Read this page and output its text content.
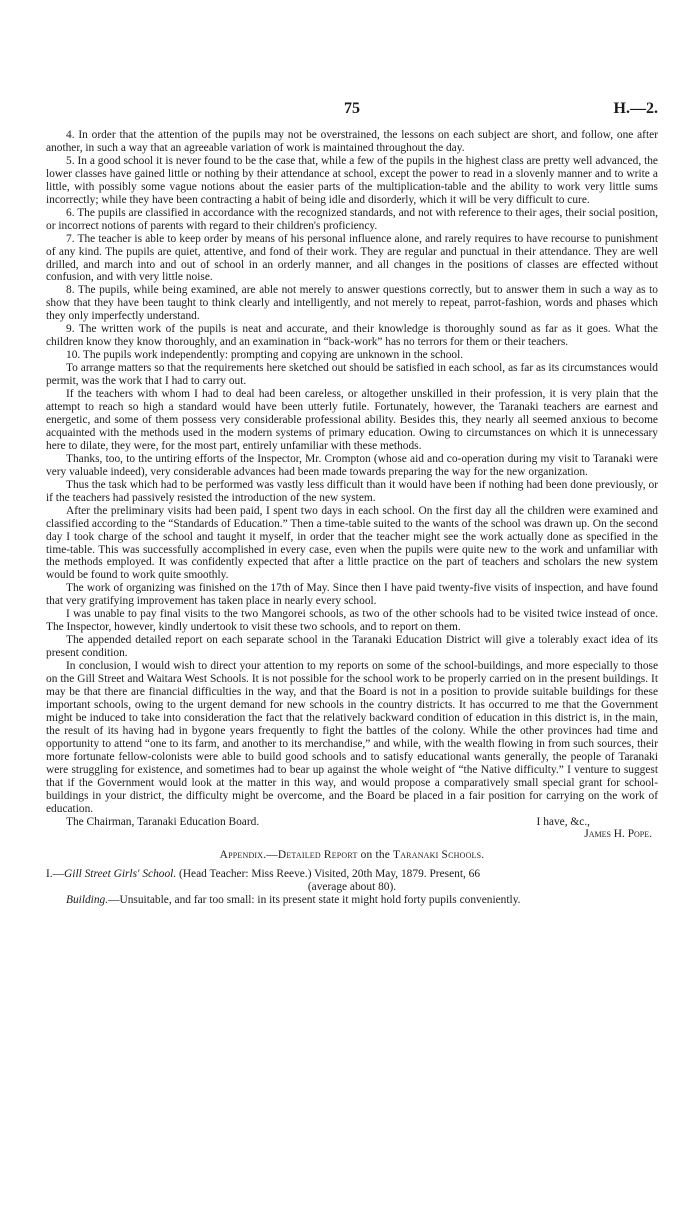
75	H.—2.

4. In order that the attention of the pupils may not be overstrained, the lessons on each subject are short, and follow, one after another, in such a way that an agreeable variation of work is maintained throughout the day.

5. In a good school it is never found to be the case that, while a few of the pupils in the highest class are pretty well advanced, the lower classes have gained little or nothing by their attendance at school, except the power to read in a slovenly manner and to write a little, with possibly some vague notions about the easier parts of the multiplication-table and the ability to work very little sums incorrectly; while they have been contracting a habit of being idle and disorderly, which it will be very difficult to cure.

6. The pupils are classified in accordance with the recognized standards, and not with reference to their ages, their social position, or incorrect notions of parents with regard to their children's proficiency.

7. The teacher is able to keep order by means of his personal influence alone, and rarely requires to have recourse to punishment of any kind. The pupils are quiet, attentive, and fond of their work. They are regular and punctual in their attendance. They are well drilled, and march into and out of school in an orderly manner, and all changes in the positions of classes are effected without confusion, and with very little noise.

8. The pupils, while being examined, are able not merely to answer questions correctly, but to answer them in such a way as to show that they have been taught to think clearly and intelligently, and not merely to repeat, parrot-fashion, words and phases which they only imperfectly understand.

9. The written work of the pupils is neat and accurate, and their knowledge is thoroughly sound as far as it goes. What the children know they know thoroughly, and an examination in “back-work” has no terrors for them or their teachers.

10. The pupils work independently: prompting and copying are unknown in the school.

To arrange matters so that the requirements here sketched out should be satisfied in each school, as far as its circumstances would permit, was the work that I had to carry out.

If the teachers with whom I had to deal had been careless, or altogether unskilled in their profession, it is very plain that the attempt to reach so high a standard would have been utterly futile. Fortunately, however, the Taranaki teachers are earnest and energetic, and some of them possess very considerable professional ability. Besides this, they nearly all seemed anxious to become acquainted with the methods used in the modern systems of primary education. Owing to circumstances on which it is unnecessary here to dilate, they were, for the most part, entirely unfamiliar with these methods.

Thanks, too, to the untiring efforts of the Inspector, Mr. Crompton (whose aid and co-operation during my visit to Taranaki were very valuable indeed), very considerable advances had been made towards preparing the way for the new organization.

Thus the task which had to be performed was vastly less difficult than it would have been if nothing had been done previously, or if the teachers had passively resisted the introduction of the new system.

After the preliminary visits had been paid, I spent two days in each school. On the first day all the children were examined and classified according to the “Standards of Education.” Then a time-table suited to the wants of the school was drawn up. On the second day I took charge of the school and taught it myself, in order that the teacher might see the work actually done as specified in the time-table. This was successfully accomplished in every case, even when the pupils were quite new to the work and unfamiliar with the methods employed. It was confidently expected that after a little practice on the part of teachers and scholars the new system would be found to work quite smoothly.

The work of organizing was finished on the 17th of May. Since then I have paid twenty-five visits of inspection, and have found that very gratifying improvement has taken place in nearly every school.

I was unable to pay final visits to the two Mangorei schools, as two of the other schools had to be visited twice instead of once. The Inspector, however, kindly undertook to visit these two schools, and to report on them.

The appended detailed report on each separate school in the Taranaki Education District will give a tolerably exact idea of its present condition.

In conclusion, I would wish to direct your attention to my reports on some of the school-buildings, and more especially to those on the Gill Street and Waitara West Schools. It is not possible for the school work to be properly carried on in the present buildings. It may be that there are financial difficulties in the way, and that the Board is not in a position to provide suitable buildings for these important schools, owing to the urgent demand for new schools in the country districts. It has occurred to me that the Government might be induced to take into consideration the fact that the relatively backward condition of education in this district is, in the main, the result of its having had in bygone years frequently to fight the battles of the colony. While the other provinces had time and opportunity to attend “one to its farm, and another to its merchandise,” and while, with the wealth flowing in from such sources, their more fortunate fellow-colonists were able to build good schools and to satisfy educational wants generally, the people of Taranaki were struggling for existence, and sometimes had to bear up against the whole weight of “the Native difficulty.” I venture to suggest that if the Government would look at the matter in this way, and would propose a comparatively small special grant for school-buildings in your district, the difficulty might be overcome, and the Board be placed in a fair position for carrying on the work of education.

The Chairman, Taranaki Education Board.	I have, &c.,
James H. Pope.
Appendix.—Detailed Report on the Taranaki Schools.

I.—Gill Street Girls' School. (Head Teacher: Miss Reeve.) Visited, 20th May, 1879. Present, 66
(average about 80).

Building.—Unsuitable, and far too small: in its present state it might hold forty pupils conveniently.
